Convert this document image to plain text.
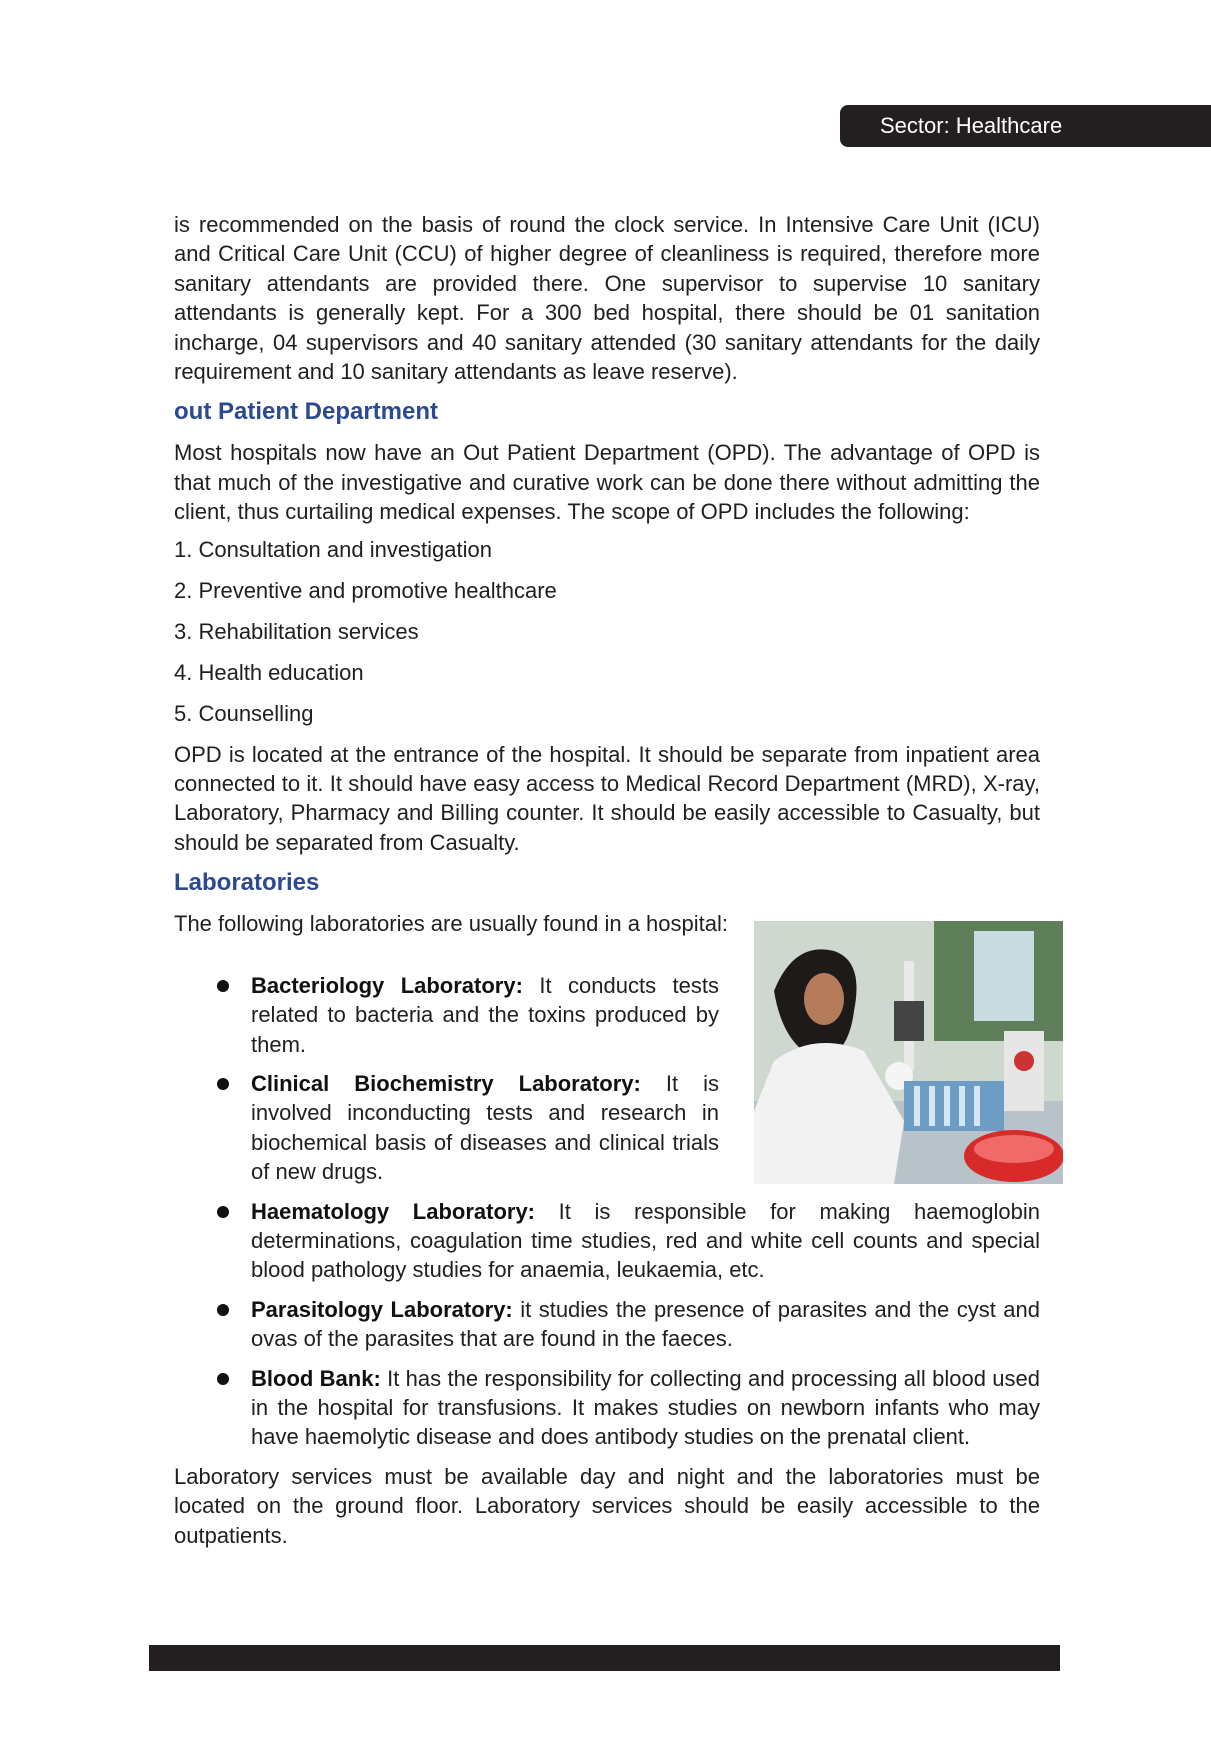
Sector: Healthcare

is recommended on the basis of round the clock service. In Intensive Care Unit (ICU) and Critical Care Unit (CCU) of higher degree of cleanliness is required, therefore more sanitary attendants are provided there. One supervisor to supervise 10 sanitary attendants is generally kept. For a 300 bed hospital, there should be 01 sanitation incharge, 04 supervisors and 40 sanitary attended (30 sanitary attendants for the daily requirement and 10 sanitary attendants as leave reserve).

out Patient Department

Most hospitals now have an Out Patient Department (OPD). The advantage of OPD is that much of the investigative and curative work can be done there without admitting the client, thus curtailing medical expenses. The scope of OPD includes the following:

1. Consultation and investigation
2. Preventive and promotive healthcare
3. Rehabilitation services
4. Health education
5. Counselling

OPD is located at the entrance of the hospital. It should be separate from inpatient area connected to it. It should have easy access to Medical Record Department (MRD), X-ray, Laboratory, Pharmacy and Billing counter. It should be easily accessible to Casualty, but should be separated from Casualty.

Laboratories

The following laboratories are usually found in a hospital:

Bacteriology Laboratory: It conducts tests related to bacteria and the toxins produced by them.
Clinical Biochemistry Laboratory: It is involved inconducting tests and research in biochemical basis of diseases and clinical trials of new drugs.
Haematology Laboratory: It is responsible for making haemoglobin determinations, coagulation time studies, red and white cell counts and special blood pathology studies for anaemia, leukaemia, etc.
Parasitology Laboratory: it studies the presence of parasites and the cyst and ovas of the parasites that are found in the faeces.
Blood Bank: It has the responsibility for collecting and processing all blood used in the hospital for transfusions. It makes studies on newborn infants who may have haemolytic disease and does antibody studies on the prenatal client.

Laboratory services must be available day and night and the laboratories must be located on the ground floor. Laboratory services should be easily accessible to the outpatients.
